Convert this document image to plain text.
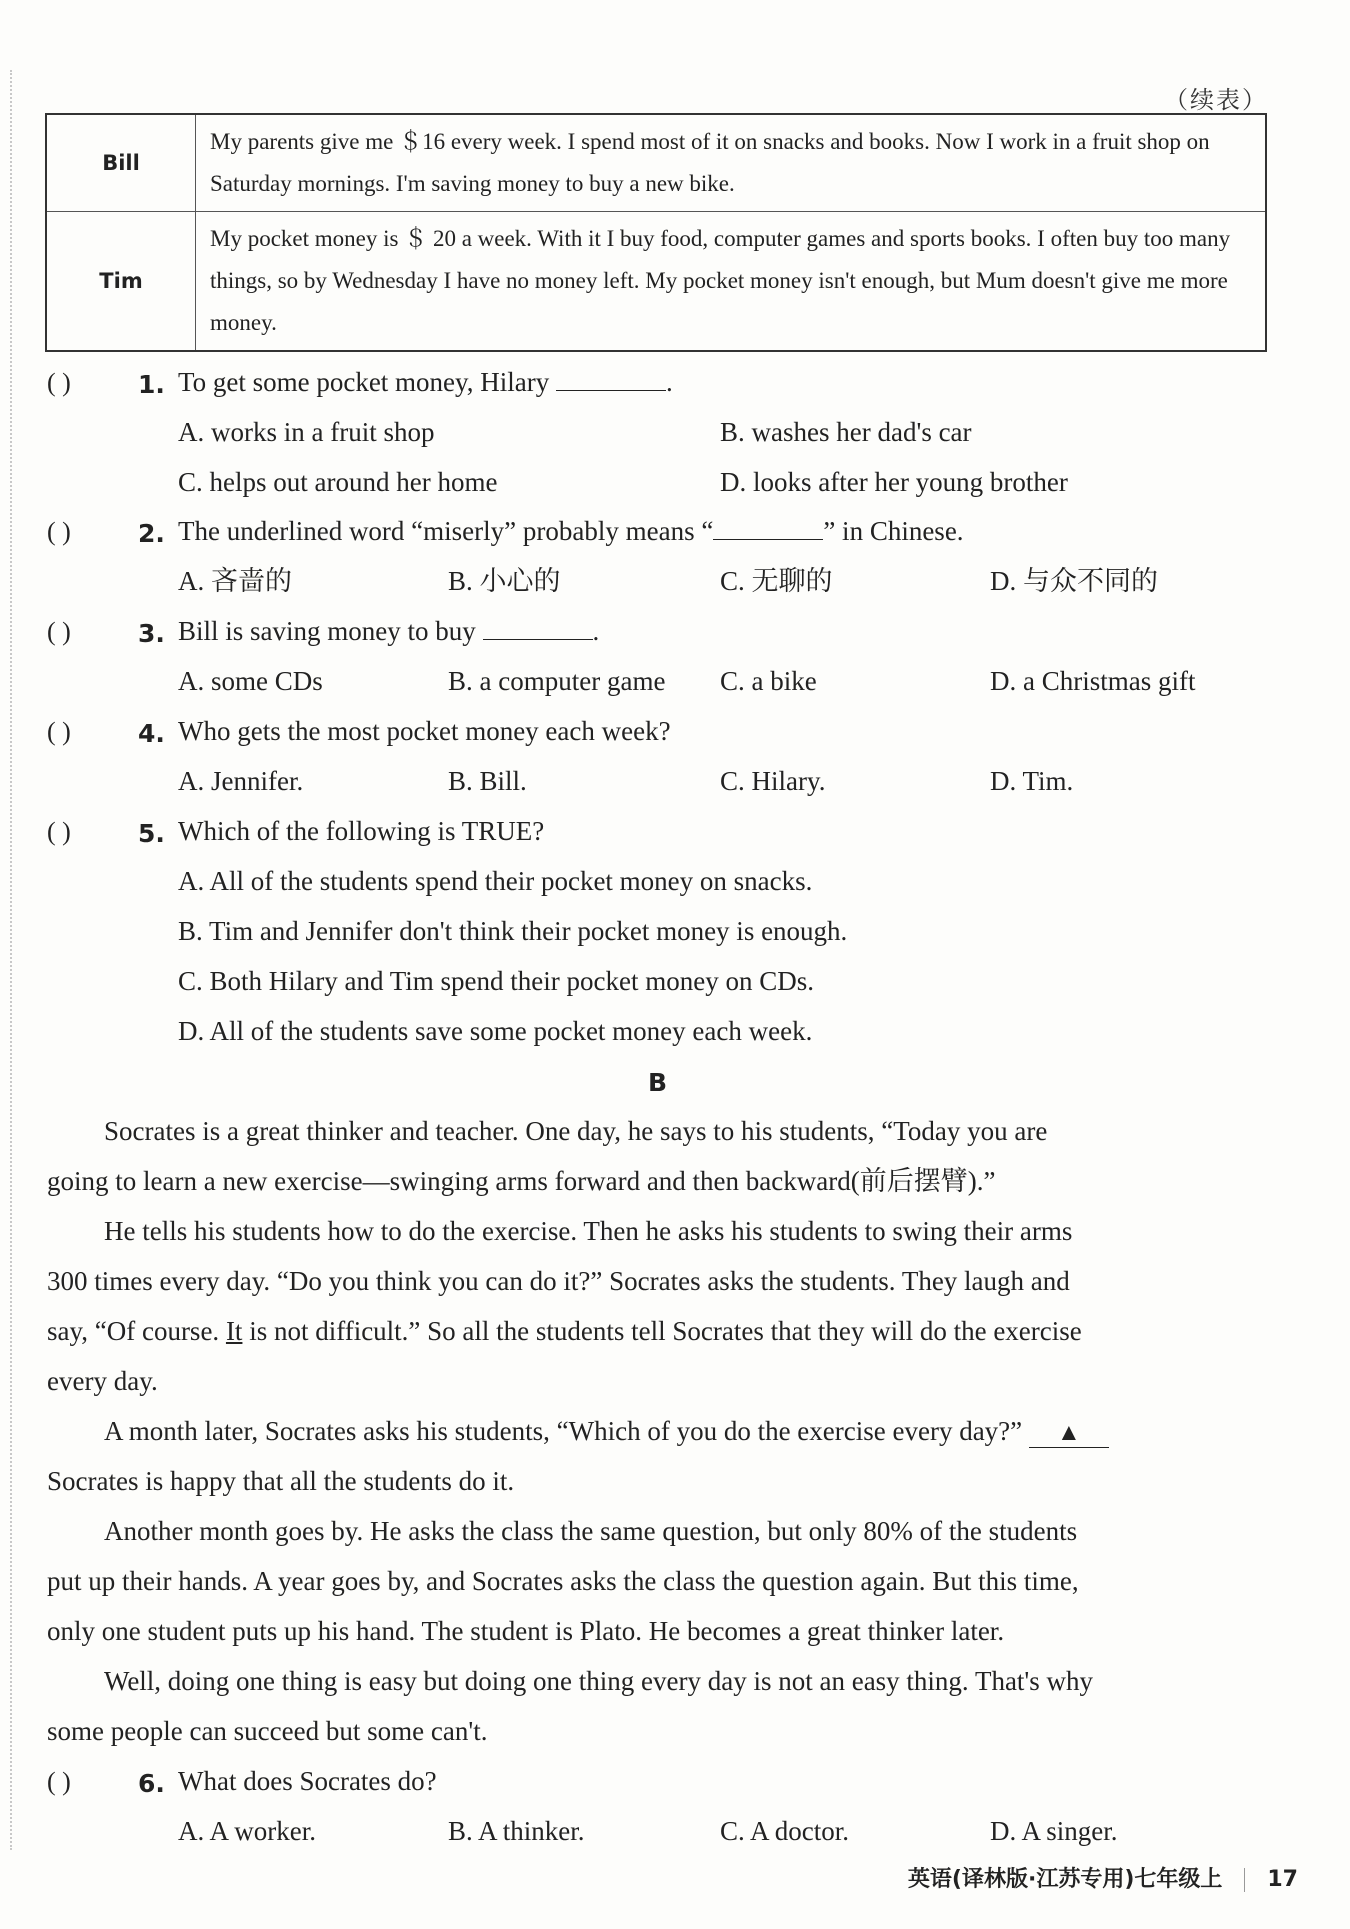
（续表）
Bill	My parents give me ＄16 every week. I spend most of it on snacks and books. Now I work in a fruit shop on Saturday mornings. I'm saving money to buy a new bike.
Tim	My pocket money is ＄ 20 a week. With it I buy food, computer games and sports books. I often buy too many things, so by Wednesday I have no money left. My pocket money isn't enough, but Mum doesn't give me more money.
( )	1. To get some pocket money, Hilary	.
A. works in a fruit shop	B. washes her dad's car
C. helps out around her home	D. looks after her young brother
( )	2. The underlined word “miserly” probably means “	” in Chinese.
A. 吝啬的	B. 小心的	C. 无聊的	D. 与众不同的
( )	3. Bill is saving money to buy	.
A. some CDs	B. a computer game C. a bike	D. a Christmas gift
( )	4. Who gets the most pocket money each week?
A. Jennifer.	B. Bill.	C. Hilary.	D. Tim.
( )	5. Which of the following is TRUE?
A. All of the students spend their pocket money on snacks.
B. Tim and Jennifer don't think their pocket money is enough.
C. Both Hilary and Tim spend their pocket money on CDs.
D. All of the students save some pocket money each week.
B
Socrates is a great thinker and teacher. One day, he says to his students, “Today you are
going to learn a new exercise—swinging arms forward and then backward(前后摆臂).”
He tells his students how to do the exercise. Then he asks his students to swing their arms
300 times every day. “Do you think you can do it?” Socrates asks the students. They laugh and
say, “Of course. It is not difficult.” So all the students tell Socrates that they will do the exercise
every day.
A month later, Socrates asks his students, “Which of you do the exercise every day?” ▲
Socrates is happy that all the students do it.
Another month goes by. He asks the class the same question, but only 80% of the students
put up their hands. A year goes by, and Socrates asks the class the question again. But this time,
only one student puts up his hand. The student is Plato. He becomes a great thinker later.
Well, doing one thing is easy but doing one thing every day is not an easy thing. That's why
some people can succeed but some can't.
( )	6. What does Socrates do?
A. A worker.	B. A thinker.	C. A doctor.	D. A singer.
英语(译林版·江苏专用)七年级上 17
